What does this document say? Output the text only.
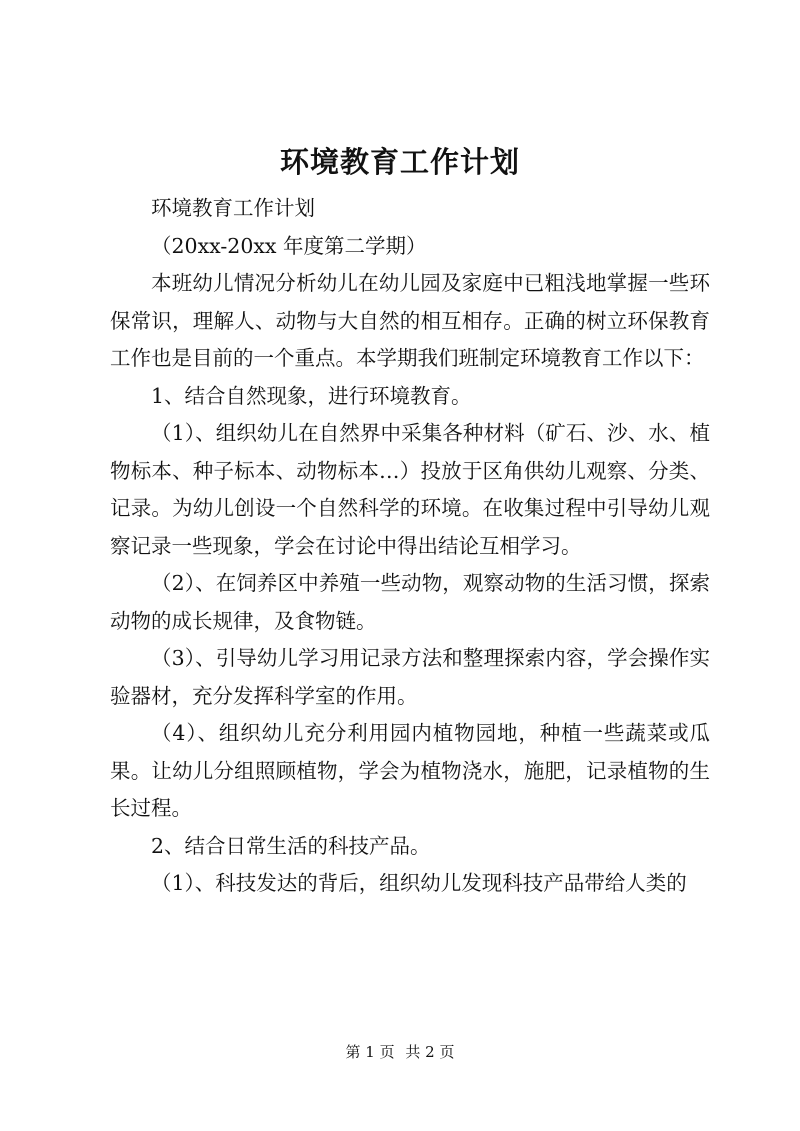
环境教育工作计划

环境教育工作计划

（20xx-20xx 年度第二学期）

本班幼儿情况分析幼儿在幼儿园及家庭中已粗浅地掌握一些环保常识，理解人、动物与大自然的相互相存。正确的树立环保教育工作也是目前的一个重点。本学期我们班制定环境教育工作以下：

1、结合自然现象，进行环境教育。

（1）、组织幼儿在自然界中采集各种材料（矿石、沙、水、植物标本、种子标本、动物标本…）投放于区角供幼儿观察、分类、记录。为幼儿创设一个自然科学的环境。在收集过程中引导幼儿观察记录一些现象，学会在讨论中得出结论互相学习。

（2）、在饲养区中养殖一些动物，观察动物的生活习惯，探索动物的成长规律，及食物链。

（3）、引导幼儿学习用记录方法和整理探索内容，学会操作实验器材，充分发挥科学室的作用。

（4）、组织幼儿充分利用园内植物园地，种植一些蔬菜或瓜果。让幼儿分组照顾植物，学会为植物浇水，施肥，记录植物的生长过程。

2、结合日常生活的科技产品。

（1）、科技发达的背后，组织幼儿发现科技产品带给人类的

第 1 页 共 2 页
